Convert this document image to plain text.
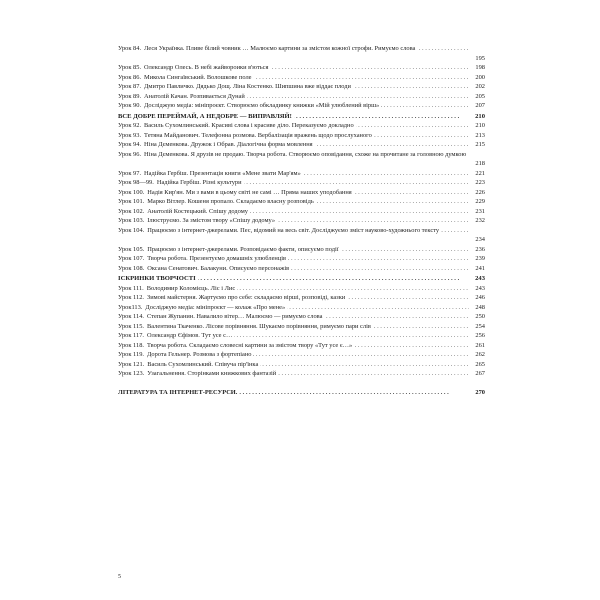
Урок 84. Леся Українка. Пливе білий човник … Малюємо картини за змістом кожної строфи. Римуємо слова . . .
195
Урок 85. Олександр Олесь. В небі жайвороики в'ються . . .	198
Урок 86. Микола Сингаївський. Волошкове поле . . .	200
Урок 87. Дмитро Павличко. Дядько Дощ. Ліна Костенко. Шипшина вже віддає плоди . . .	202
Урок 89. Анатолій Качан. Розпивається Дунай . . .	205
Урок 90. Досліджую медіа: мініпроєкт. Створюємо обкладинку книжки «Мій улюблений вірш» . . .	207
ВСЕ ДОБРЕ ПЕРЕЙМАЙ, А НЕДОБРЕ — ВИПРАВЛЯЙ! . . .	210
Урок 92. Василь Сухомлинський. Красиві слова і красиве діло. Переказуємо докладно . . .	210
Урок 93. Тетяна Майданович. Телефонна розмова. Вербалізація вражень щодо прослуханого . . .	213
Урок 94. Ніна Дєменкова. Дружок і Обрав. Діалогічна форма мовлення . . .	215
Урок 96. Ніна Дєменкова. Я друзів не продаю. Творча робота. Створюємо оповідання, схоже на прочитане за головною думкою . . .
218
Урок 97. Надійка Гербіш. Презентація книги «Мене звати Мар'ям» . . .	221
Урок 98—99. Надійка Гербіш. Різні культури . . .	223
Урок 100. Надія Кир'ян. Ми з вами в цьому світі не самі … Пряма наших уподобання . . .	226
Урок 101. Марко Вітлер. Кошеня пропало. Складаємо власну розповідь . . .	229
Урок 102. Анатолій Костецький. Спішу додому . . .	231
Урок 103. Ілюструємо. За змістом твору «Спішу додому» . . .	232
Урок 104. Працюємо з інтернет-джерелами. Пес, відомий на весь світ. Досліджуємо зміст науково-художнього тексту . . .
234
Урок 105. Працюємо з інтернет-джерелами. Розповідаємо факти, описуємо події . . .	236
Урок 107. Творча робота. Презентуємо домашніх улюбленців . . .	239
Урок 108. Оксана Сенатович. Балакуни. Описуємо персонажів . . .	241
ІСКРИНКИ ТВОРЧОСТІ . . .	243
Урок 111. Володимир Коломієць. Ліс і Лис . . .	243
Урок 112. Зимові майстерня. Жартуємо про себе: складаємо вірші, розповіді, казки . . .	246
Урок113. Досліджую медіа: мініпроєкт — колаж «Про мене» . . .	248
Урок 114. Степан Жупанин. Навалило вітер… Малюємо — римуємо слова . . .	250
Урок 115. Валентина Ткаченко. Лісове порівняння. Шукаємо порівняння, римуємо пари слів . . .	254
Урок 117. Олександр Єфімов. Тут усе с… . . .	256
Урок 118. Творча робота. Складаємо словесні картини за змістом твору «Тут усе є…» . . .	261
Урок 119. Дорота Гельнер. Розмова з фортепіано . . .	262
Урок 121. Василь Сухомлинський. Співуча пір'їнка . . .	265
Урок 123. Узагальнення. Сторінками книжкових фантазій . . .	267
ЛІТЕРАТУРА ТА ІНТЕРНЕТ-РЕСУРСИ. . . .	270
5
